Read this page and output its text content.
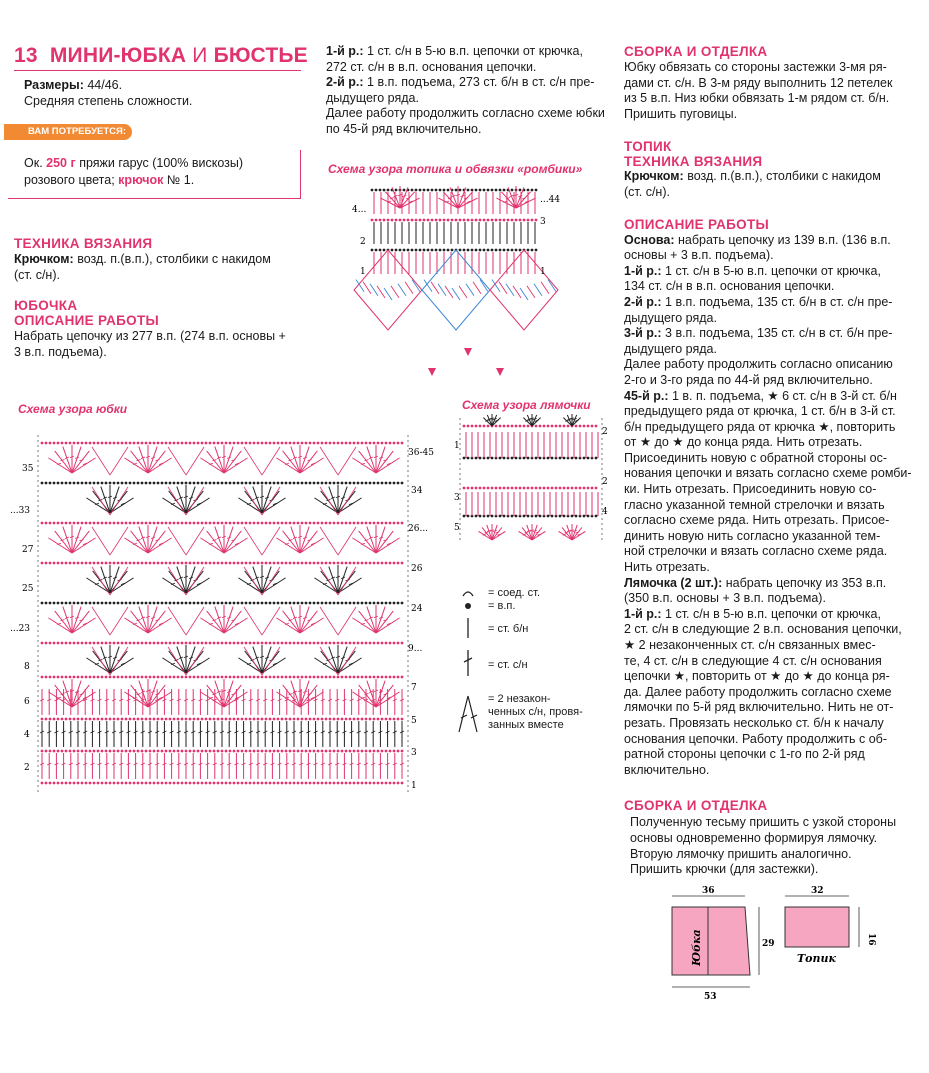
13 МИНИ-ЮБКА И БЮСТЬЕ
Размеры: 44/46.
Средняя степень сложности.
ВАМ ПОТРЕБУЕТСЯ:
Ок. 250 г пряжи гарус (100% вискозы)
розового цвета; крючок № 1.
ТЕХНИКА ВЯЗАНИЯ
Крючком: возд. п.(в.п.), столбики с накидом
(ст. с/н).
ЮБОЧКА
ОПИСАНИЕ РАБОТЫ
Набрать цепочку из 277 в.п. (274 в.п. основы +
3 в.п. подъема).
1-й р.: 1 ст. с/н в 5-ю в.п. цепочки от крючка,
272 ст. с/н в в.п. основания цепочки.
2-й р.: 1 в.п. подъема, 273 ст. б/н в ст. с/н пре-
дыдущего ряда.
Далее работу продолжить согласно схеме юбки
по 45-й ряд включительно.
Схема узора топика и обвязки «ромбики»
Схема узора юбки	Схема узора лямочки
4...
2
1
...44
3
1
35
...33
27
25
...23
8
6
4
2
36-45
34
26...
26
24
9...
7
5
3
1
1
3
5
2
2
4
= соед. ст.
= в.п.
= ст. б/н
= ст. с/н
= 2 незакон-
ченных с/н, провя-
занных вместе
СБОРКА И ОТДЕЛКА
Юбку обвязать со стороны застежки 3-мя ря-
дами ст. с/н. В 3-м ряду выполнить 12 петелек
из 5 в.п. Низ юбки обвязать 1-м рядом ст. б/н.
Пришить пуговицы.
ТОПИК
ТЕХНИКА ВЯЗАНИЯ
Крючком: возд. п.(в.п.), столбики с накидом
(ст. с/н).
ОПИСАНИЕ РАБОТЫ
Основа: набрать цепочку из 139 в.п. (136 в.п.
основы + 3 в.п. подъема).
1-й р.: 1 ст. с/н в 5-ю в.п. цепочки от крючка,
134 ст. с/н в в.п. основания цепочки.
2-й р.: 1 в.п. подъема, 135 ст. б/н в ст. с/н пре-
дыдущего ряда.
3-й р.: 3 в.п. подъема, 135 ст. с/н в ст. б/н пре-
дыдущего ряда.
Далее работу продолжить согласно описанию
2-го и 3-го ряда по 44-й ряд включительно.
45-й р.: 1 в. п. подъема, ★ 6 ст. с/н в 3-й ст. б/н
предыдущего ряда от крючка, 1 ст. б/н в 3-й ст.
б/н предыдущего ряда от крючка ★, повторить
от ★ до ★ до конца ряда. Нить отрезать.
Присоединить новую с обратной стороны ос-
нования цепочки и вязать согласно схеме ромби-
ки. Нить отрезать. Присоединить новую со-
гласно указанной темной стрелочки и вязать
согласно схеме ряда. Нить отрезать. Присое-
динить новую нить согласно указанной тем-
ной стрелочки и вязать согласно схеме ряда.
Нить отрезать.
Лямочка (2 шт.): набрать цепочку из 353 в.п.
(350 в.п. основы + 3 в.п. подъема).
1-й р.: 1 ст. с/н в 5-ю в.п. цепочки от крючка,
2 ст. с/н в следующие 2 в.п. основания цепочки,
★ 2 незаконченных ст. с/н связанных вмес-
те, 4 ст. с/н в следующие 4 ст. с/н основания
цепочки ★, повторить от ★ до ★ до конца ря-
да. Далее работу продолжить согласно схеме
лямочки по 5-й ряд включительно. Нить не от-
резать. Провязать несколько ст. б/н к началу
основания цепочки. Работу продолжить с об-
ратной стороны цепочки с 1-го по 2-й ряд
включительно.
СБОРКА И ОТДЕЛКА
Полученную тесьму пришить с узкой стороны
основы одновременно формируя лямочку.
Вторую лямочку пришить аналогично.
Пришить крючки (для застежки).
36
29
53
Юбка
32
16
Топик
